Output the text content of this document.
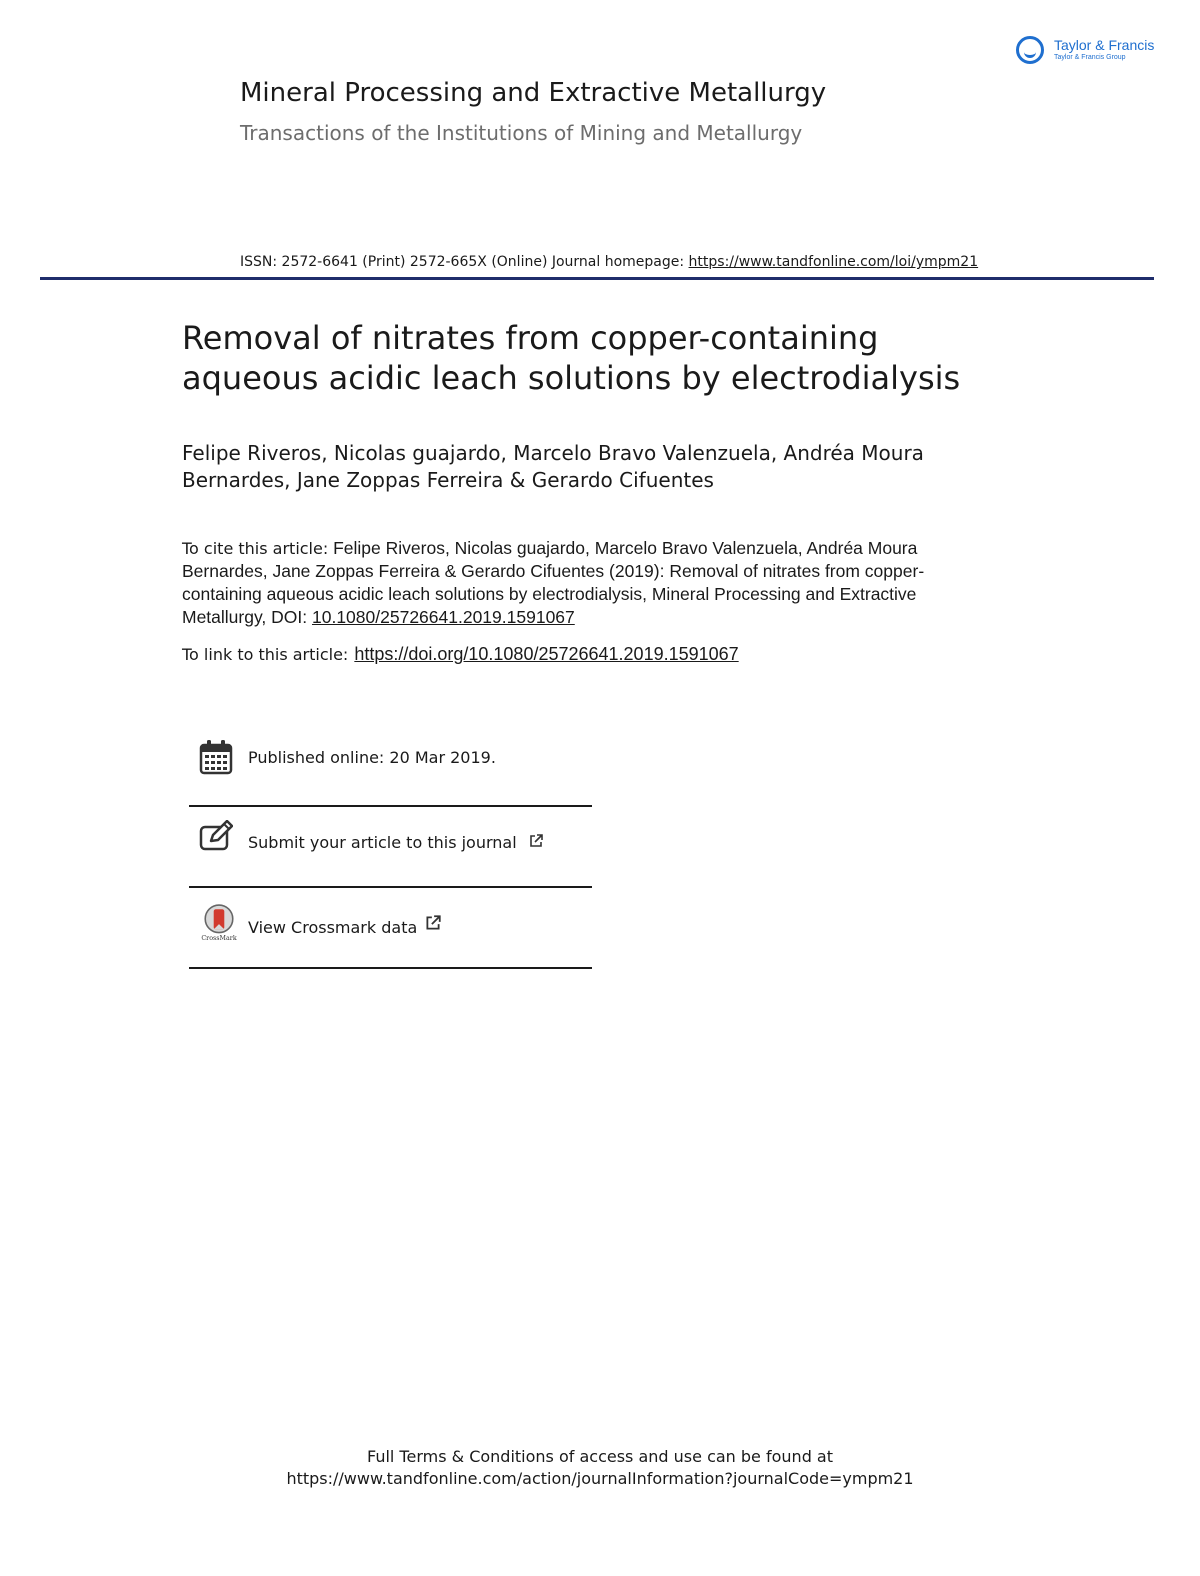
Taylor & Francis
Taylor & Francis Group
Mineral Processing and Extractive Metallurgy
Transactions of the Institutions of Mining and Metallurgy
ISSN: 2572-6641 (Print) 2572-665X (Online) Journal homepage: https://www.tandfonline.com/loi/ympm21
Removal of nitrates from copper-containing
aqueous acidic leach solutions by electrodialysis
Felipe Riveros, Nicolas guajardo, Marcelo Bravo Valenzuela, Andréa Moura
Bernardes, Jane Zoppas Ferreira & Gerardo Cifuentes
To cite this article: Felipe Riveros, Nicolas guajardo, Marcelo Bravo Valenzuela, Andréa Moura
Bernardes, Jane Zoppas Ferreira & Gerardo Cifuentes (2019): Removal of nitrates from copper-
containing aqueous acidic leach solutions by electrodialysis, Mineral Processing and Extractive
Metallurgy, DOI: 10.1080/25726641.2019.1591067
To link to this article: https://doi.org/10.1080/25726641.2019.1591067
Published online: 20 Mar 2019.
Submit your article to this journal
CrossMark
View Crossmark data
Full Terms & Conditions of access and use can be found at
https://www.tandfonline.com/action/journalInformation?journalCode=ympm21
